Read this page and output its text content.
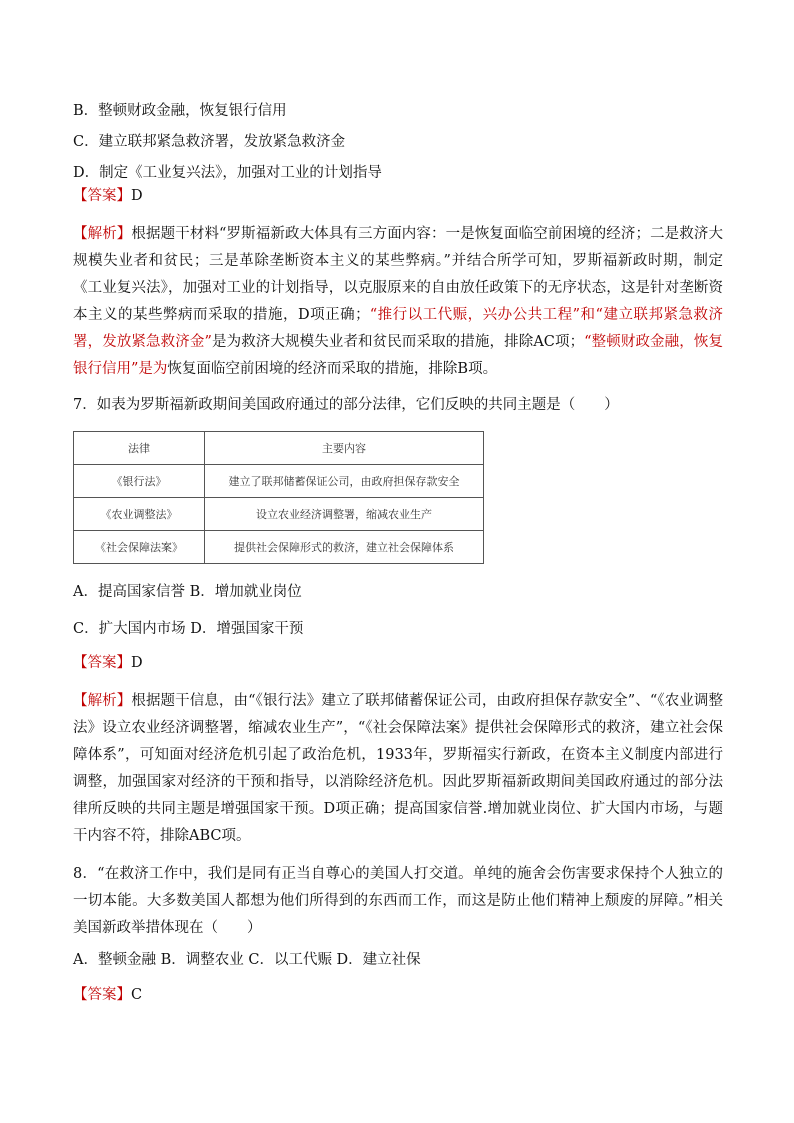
B．整顿财政金融，恢复银行信用
C．建立联邦紧急救济署，发放紧急救济金
D．制定《工业复兴法》，加强对工业的计划指导
【答案】D
【解析】根据题干材料“罗斯福新政大体具有三方面内容：一是恢复面临空前困境的经济；二是救济大规模失业者和贫民；三是革除垄断资本主义的某些弊病。”并结合所学可知，罗斯福新政时期，制定《工业复兴法》，加强对工业的计划指导，以克服原来的自由放任政策下的无序状态，这是针对垄断资本主义的某些弊病而采取的措施，D项正确；“推行以工代赈，兴办公共工程”和“建立联邦紧急救济署，发放紧急救济金”是为救济大规模失业者和贫民而采取的措施，排除AC项；“整顿财政金融，恢复银行信用”是为恢复面临空前困境的经济而采取的措施，排除B项。
7．如表为罗斯福新政期间美国政府通过的部分法律，它们反映的共同主题是（　　）
法律	主要内容
《银行法》	建立了联邦储蓄保证公司，由政府担保存款安全
《农业调整法》	设立农业经济调整署，缩减农业生产
《社会保障法案》	提供社会保障形式的救济，建立社会保障体系
A．提高国家信誉 B．增加就业岗位
C．扩大国内市场 D．增强国家干预
【答案】D
【解析】根据题干信息，由“《银行法》建立了联邦储蓄保证公司，由政府担保存款安全”、“《农业调整法》设立农业经济调整署，缩减农业生产”，“《社会保障法案》提供社会保障形式的救济，建立社会保障体系”，可知面对经济危机引起了政治危机，1933年，罗斯福实行新政，在资本主义制度内部进行调整，加强国家对经济的干预和指导，以消除经济危机。因此罗斯福新政期间美国政府通过的部分法律所反映的共同主题是增强国家干预。D项正确；提高国家信誉.增加就业岗位、扩大国内市场，与题干内容不符，排除ABC项。
8．“在救济工作中，我们是同有正当自尊心的美国人打交道。单纯的施舍会伤害要求保持个人独立的一切本能。大多数美国人都想为他们所得到的东西而工作，而这是防止他们精神上颓废的屏障。”相关美国新政举措体现在（　　）
A．整顿金融 B．调整农业 C．以工代赈 D．建立社保
【答案】C
